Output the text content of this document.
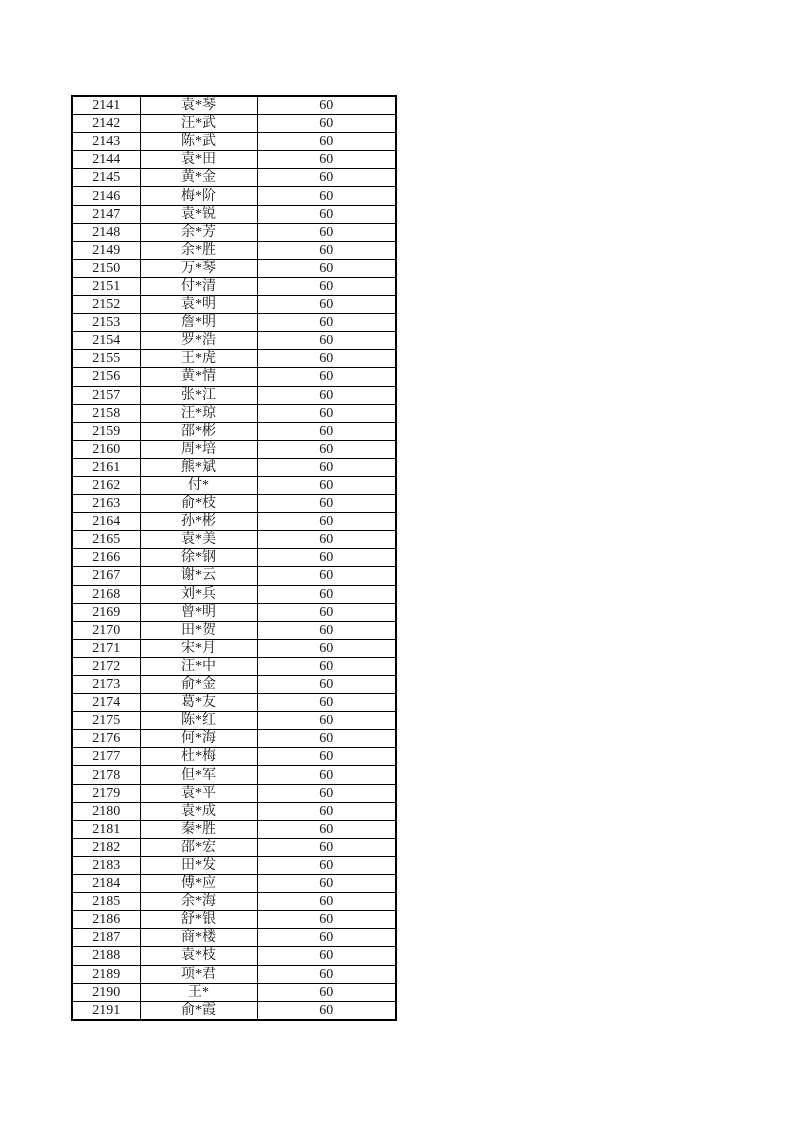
2141	袁*琴	60
2142	汪*武	60
2143	陈*武	60
2144	袁*田	60
2145	黄*金	60
2146	梅*阶	60
2147	袁*锐	60
2148	余*芳	60
2149	余*胜	60
2150	万*琴	60
2151	付*清	60
2152	袁*明	60
2153	詹*明	60
2154	罗*浩	60
2155	王*虎	60
2156	黄*情	60
2157	张*江	60
2158	汪*琼	60
2159	邵*彬	60
2160	周*培	60
2161	熊*斌	60
2162	付*	60
2163	俞*枝	60
2164	孙*彬	60
2165	袁*美	60
2166	徐*钢	60
2167	谢*云	60
2168	刘*兵	60
2169	曾*明	60
2170	田*贺	60
2171	宋*月	60
2172	汪*中	60
2173	俞*金	60
2174	葛*友	60
2175	陈*红	60
2176	何*海	60
2177	杜*梅	60
2178	但*军	60
2179	袁*平	60
2180	袁*成	60
2181	秦*胜	60
2182	邵*宏	60
2183	田*发	60
2184	傅*应	60
2185	余*海	60
2186	舒*银	60
2187	商*楼	60
2188	袁*枝	60
2189	项*君	60
2190	王*	60
2191	俞*霞	60
